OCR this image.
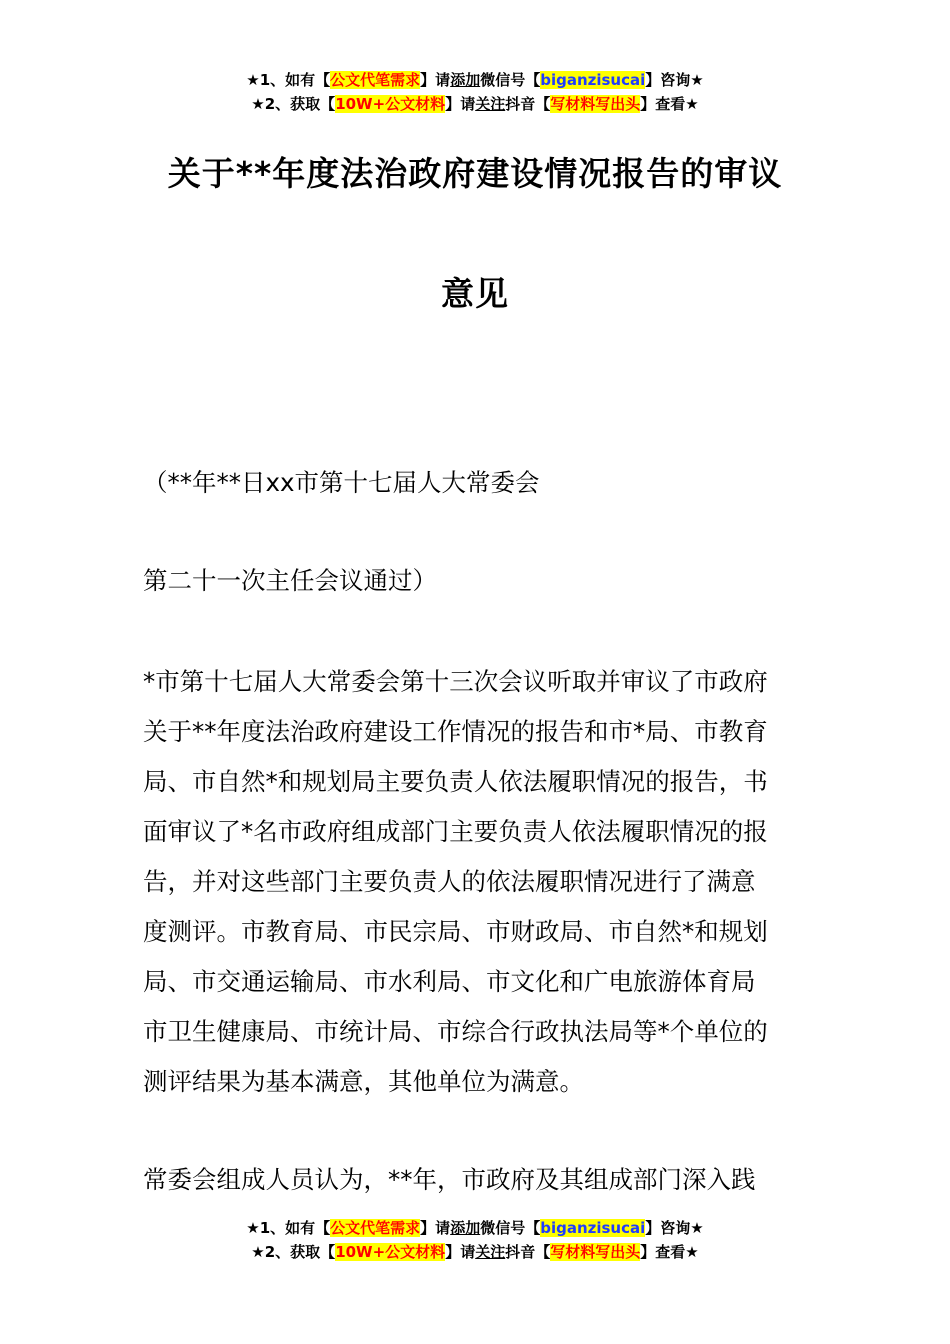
★1、如有【公文代笔需求】请添加微信号【biganzisucai】咨询★
★2、获取【10W+公文材料】请关注抖音【写材料写出头】查看★
关于**年度法治政府建设情况报告的审议
意见

（**年**日xx市第十七届人大常委会

第二十一次主任会议通过）

*市第十七届人大常委会第十三次会议听取并审议了市政府
关于**年度法治政府建设工作情况的报告和市*局、市教育
局、市自然*和规划局主要负责人依法履职情况的报告，书
面审议了*名市政府组成部门主要负责人依法履职情况的报
告，并对这些部门主要负责人的依法履职情况进行了满意
度测评。市教育局、市民宗局、市财政局、市自然*和规划
局、市交通运输局、市水利局、市文化和广电旅游体育局
市卫生健康局、市统计局、市综合行政执法局等*个单位的
测评结果为基本满意，其他单位为满意。

常委会组成人员认为，**年，市政府及其组成部门深入践

★1、如有【公文代笔需求】请添加微信号【biganzisucai】咨询★
★2、获取【10W+公文材料】请关注抖音【写材料写出头】查看★
